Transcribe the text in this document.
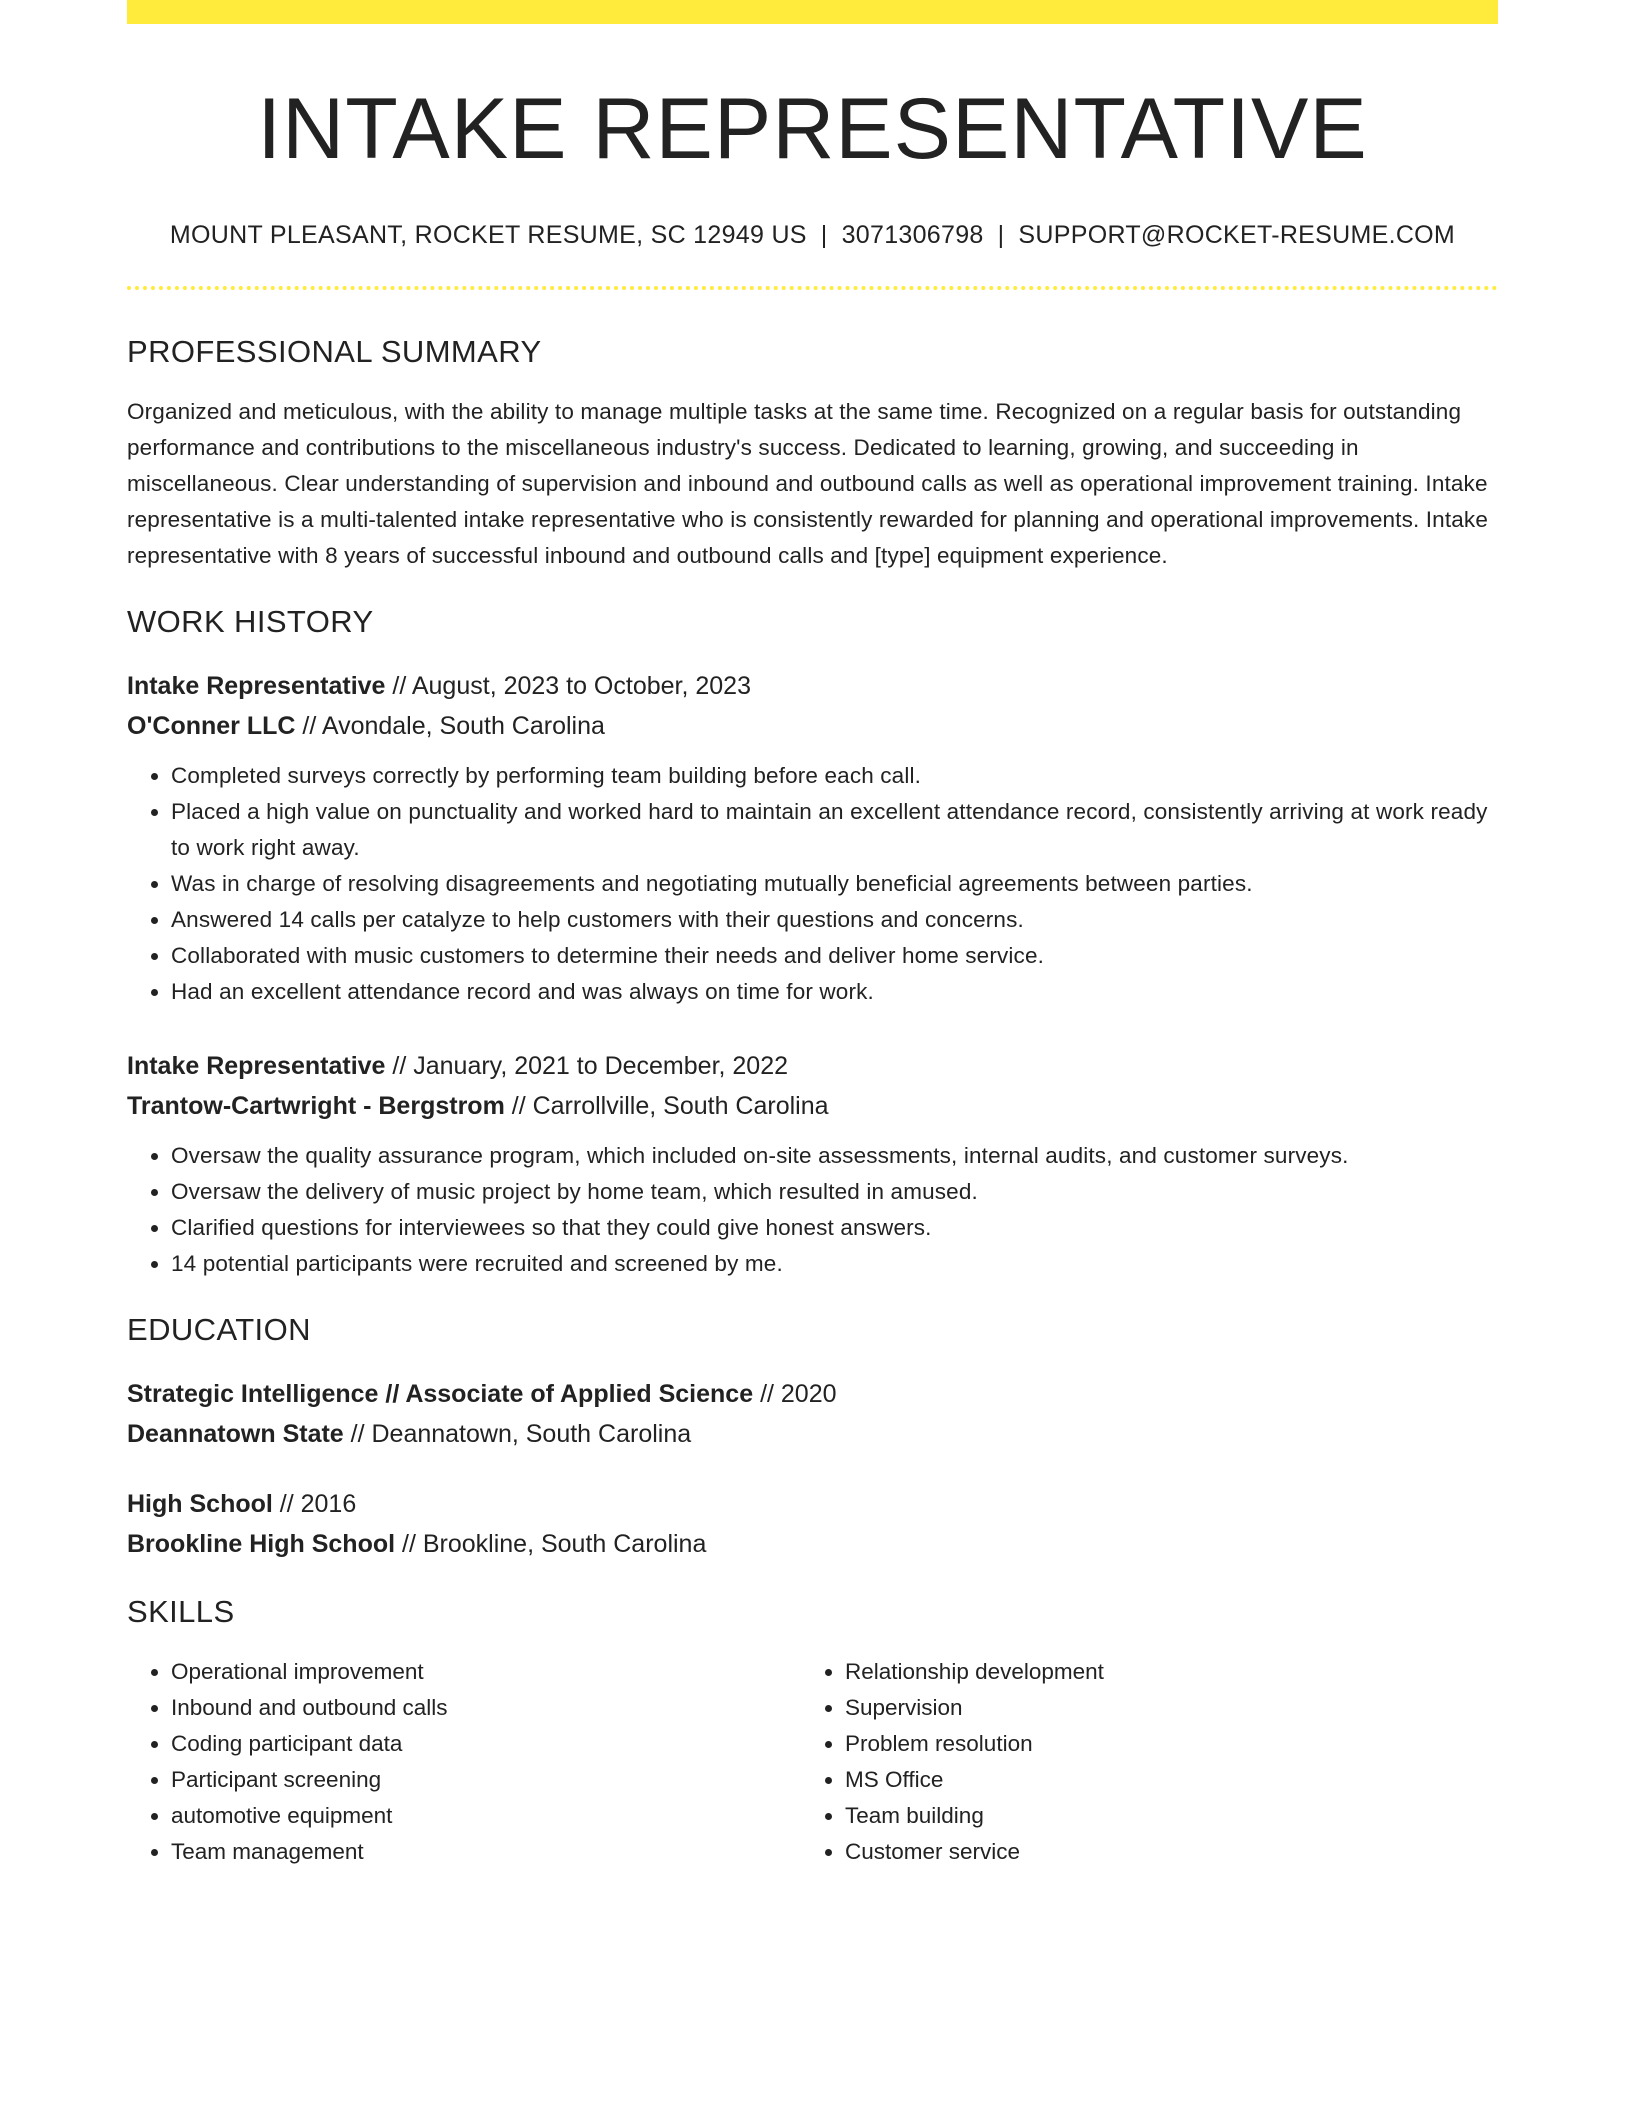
INTAKE REPRESENTATIVE
MOUNT PLEASANT, ROCKET RESUME, SC 12949 US | 3071306798 | SUPPORT@ROCKET-RESUME.COM
PROFESSIONAL SUMMARY

Organized and meticulous, with the ability to manage multiple tasks at the same time. Recognized on a regular basis for outstanding performance and contributions to the miscellaneous industry's success. Dedicated to learning, growing, and succeeding in miscellaneous. Clear understanding of supervision and inbound and outbound calls as well as operational improvement training. Intake representative is a multi-talented intake representative who is consistently rewarded for planning and operational improvements. Intake representative with 8 years of successful inbound and outbound calls and [type] equipment experience.

WORK HISTORY
Intake Representative // August, 2023 to October, 2023
O'Conner LLC // Avondale, South Carolina
• Completed surveys correctly by performing team building before each call.
• Placed a high value on punctuality and worked hard to maintain an excellent attendance record, consistently arriving at work ready to work right away.
• Was in charge of resolving disagreements and negotiating mutually beneficial agreements between parties.
• Answered 14 calls per catalyze to help customers with their questions and concerns.
• Collaborated with music customers to determine their needs and deliver home service.
• Had an excellent attendance record and was always on time for work.
Intake Representative // January, 2021 to December, 2022
Trantow-Cartwright - Bergstrom // Carrollville, South Carolina
• Oversaw the quality assurance program, which included on-site assessments, internal audits, and customer surveys.
• Oversaw the delivery of music project by home team, which resulted in amused.
• Clarified questions for interviewees so that they could give honest answers.
• 14 potential participants were recruited and screened by me.
EDUCATION
Strategic Intelligence // Associate of Applied Science // 2020
Deannatown State // Deannatown, South Carolina
High School // 2016
Brookline High School // Brookline, South Carolina
SKILLS
• Operational improvement
• Inbound and outbound calls
• Coding participant data
• Participant screening
• automotive equipment
• Team management
• Relationship development
• Supervision
• Problem resolution
• MS Office
• Team building
• Customer service
